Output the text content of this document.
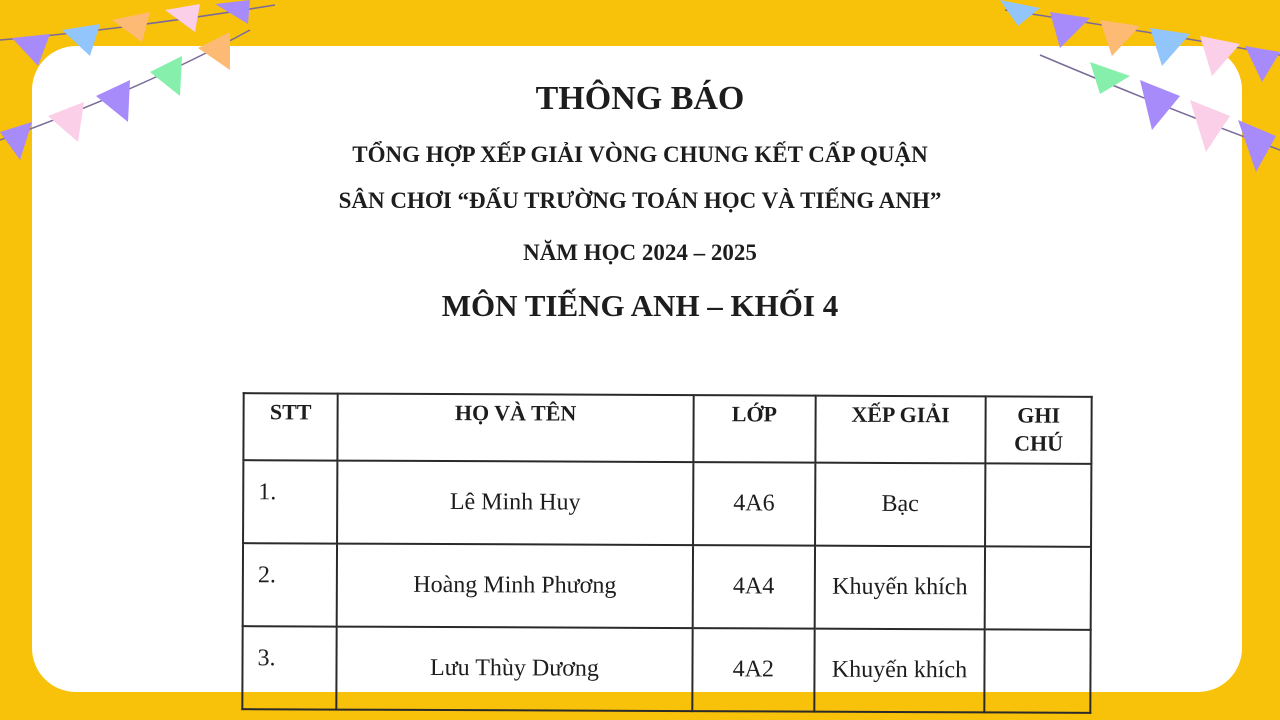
THÔNG BÁO
TỔNG HỢP XẾP GIẢI VÒNG CHUNG KẾT CẤP QUẬN
SÂN CHƠI “ĐẤU TRƯỜNG TOÁN HỌC VÀ TIẾNG ANH”
NĂM HỌC 2024 – 2025
MÔN TIẾNG ANH – KHỐI 4
STT	HỌ VÀ TÊN	LỚP	XẾP GIẢI	GHI
CHÚ
1.	Lê Minh Huy	4A6	Bạc	
2.	Hoàng Minh Phương	4A4	Khuyến khích	
3.	Lưu Thùy Dương	4A2	Khuyến khích	
